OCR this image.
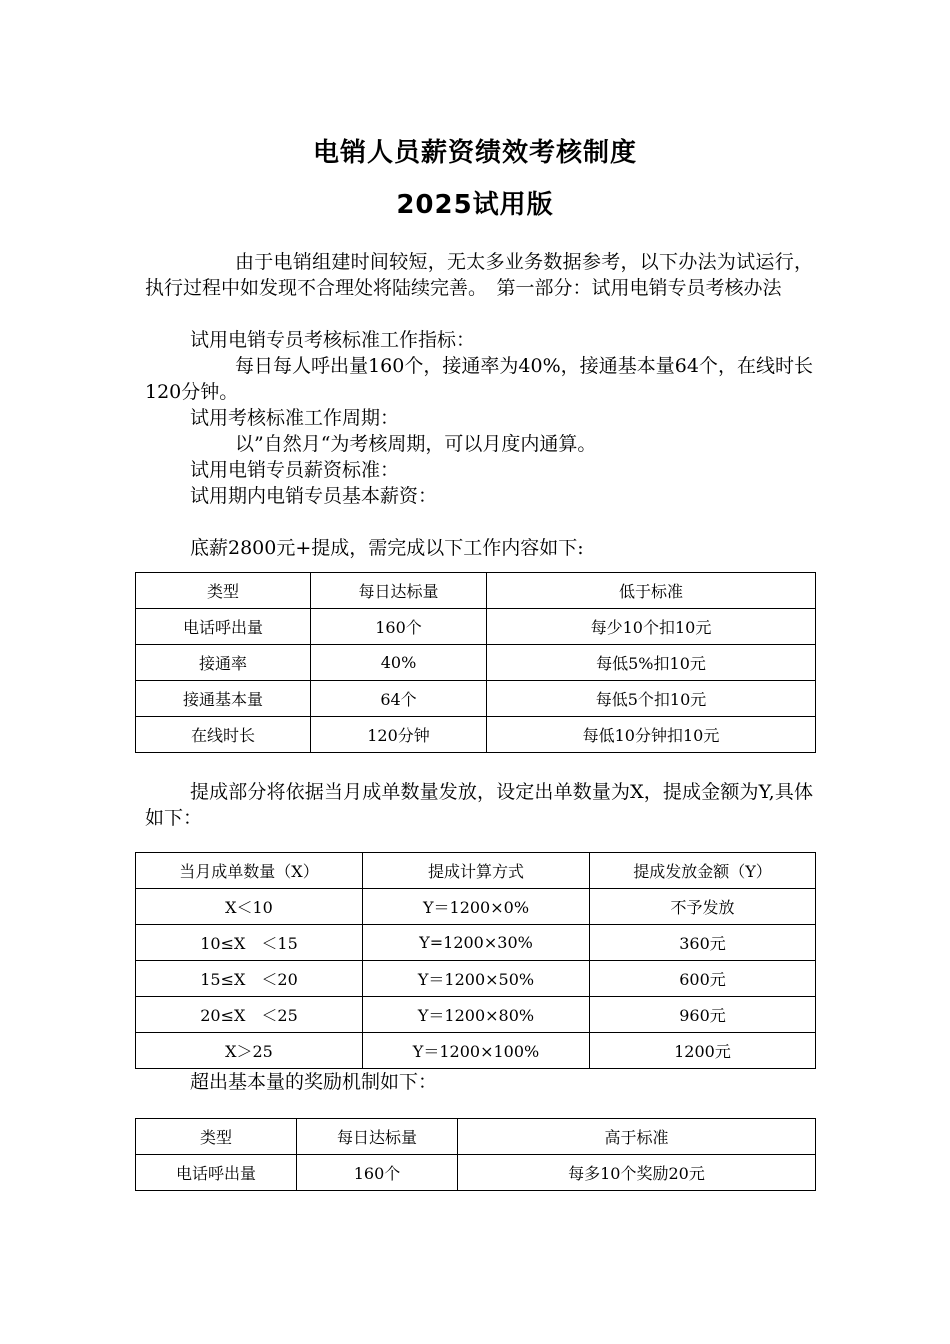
电销人员薪资绩效考核制度
2025试用版

由于电销组建时间较短，无太多业务数据参考，以下办法为试运行，执行过程中如发现不合理处将陆续完善。　第一部分：试用电销专员考核办法

试用电销专员考核标准工作指标：

每日每人呼出量160个，接通率为40%，接通基本量64个，在线时长120分钟。

试用考核标准工作周期：

以”自然月“为考核周期，可以月度内通算。

试用电销专员薪资标准：

试用期内电销专员基本薪资：

底薪2800元+提成，需完成以下工作内容如下:

类型	每日达标量	低于标准
电话呼出量	160个	每少10个扣10元
接通率	40%	每低5%扣10元
接通基本量	64个	每低5个扣10元
在线时长	120分钟	每低10分钟扣10元

提成部分将依据当月成单数量发放，设定出单数量为X，提成金额为Y,具体如下：

当月成单数量（X）	提成计算方式	提成发放金额（Y）
X＜10	Y＝1200×0%	不予发放
10≤X　＜15	Y=1200×30%	360元
15≤X　＜20	Y＝1200×50%	600元
20≤X　＜25	Y＝1200×80%	960元
X＞25	Y＝1200×100%	1200元

超出基本量的奖励机制如下：

类型	每日达标量	高于标准
电话呼出量	160个	每多10个奖励20元
